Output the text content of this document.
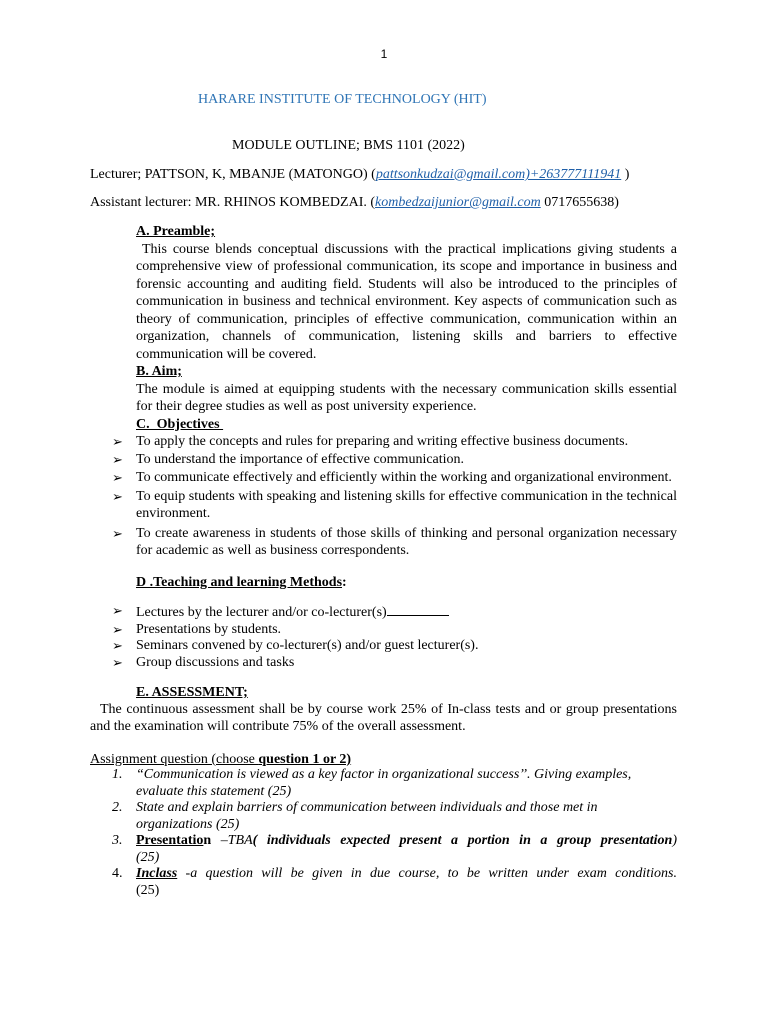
1
HARARE INSTITUTE OF TECHNOLOGY (HIT)
MODULE OUTLINE; BMS 1101 (2022)
Lecturer; PATTSON, K, MBANJE (MATONGO) (pattsonkudzai@gmail.com)+263777111941 )
Assistant lecturer: MR. RHINOS KOMBEDZAI. (kombedzaijunior@gmail.com 0717655638)
A. Preamble;
This course blends conceptual discussions with the practical implications giving students a comprehensive view of professional communication, its scope and importance in business and forensic accounting and auditing field. Students will also be introduced to the principles of communication in business and technical environment. Key aspects of communication such as theory of communication, principles of effective communication, communication within an organization, channels of communication, listening skills and barriers to effective communication will be covered.
B. Aim;
The module is aimed at equipping students with the necessary communication skills essential for their degree studies as well as post university experience.
C.  Objectives
➢ To apply the concepts and rules for preparing and writing effective business documents.
➢ To understand the importance of effective communication.
➢ To communicate effectively and efficiently within the working and organizational environment.
➢ To equip students with speaking and listening skills for effective communication in the technical environment.
➢ To create awareness in students of those skills of thinking and personal organization necessary for academic as well as business correspondents.
D .Teaching and learning Methods:
➢ Lectures by the lecturer and/or co-lecturer(s)
➢ Presentations by students.
➢ Seminars convened by co-lecturer(s) and/or guest lecturer(s).
➢ Group discussions and tasks
E. ASSESSMENT;
The continuous assessment shall be by course work 25% of In-class tests and or group presentations and the examination will contribute 75% of the overall assessment.
Assignment question (choose question 1 or 2)
1. “Communication is viewed as a key factor in organizational success’’. Giving examples, evaluate this statement (25)
2. State and explain barriers of communication between individuals and those met in organizations (25)
3. Presentation –TBA( individuals expected present a portion in a group presentation)
(25)
4. Inclass -a question will be given in due course, to be written under exam conditions.
(25)
